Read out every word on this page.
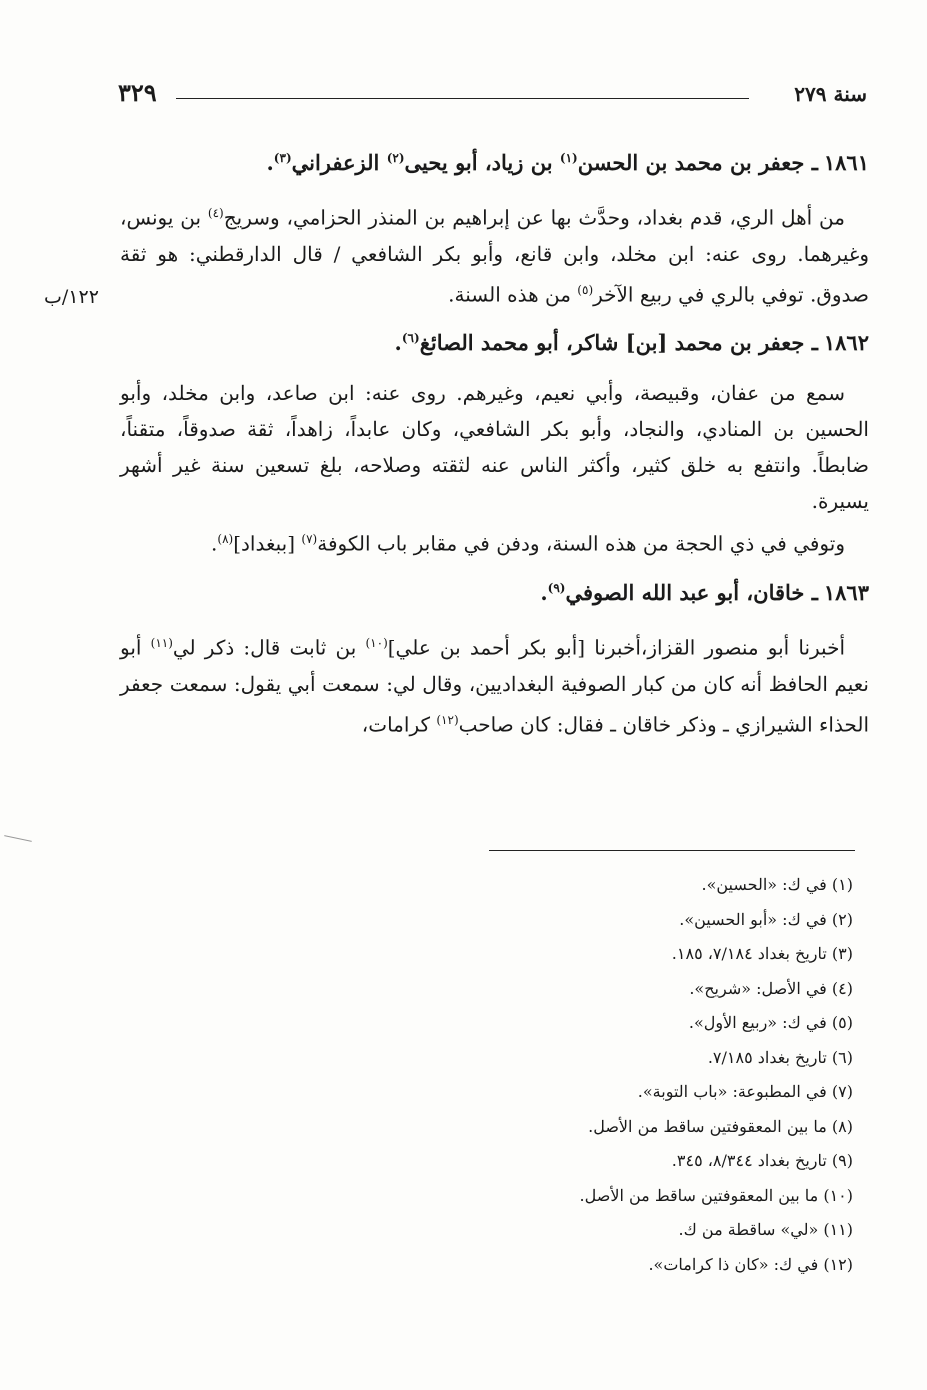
٣٢٩	سنة ٢٧٩
١٢٢/ب

١٨٦١ـ جعفر بن محمد بن الحسن$^{(١)}$ بن زياد، أبو يحيى$^{(٢)}$ الزعفراني$^{(٣)}$.

من أهل الري، قدم بغداد، وحدَّث بها عن إبراهيم بن المنذر الحزامي، وسريج$^{(٤)}$ بن يونس، وغيرهما. روى عنه: ابن مخلد، وابن قانع، وأبو بكر الشافعي / قال الدارقطني: هو ثقة صدوق. توفي بالري في ربيع الآخر$^{(٥)}$ من هذه السنة.

١٨٦٢ـ جعفر بن محمد [بن] شاكر، أبو محمد الصائغ$^{(٦)}$.

سمع من عفان، وقبيصة، وأبي نعيم، وغيرهم. روى عنه: ابن صاعد، وابن مخلد، وأبو الحسين بن المنادي، والنجاد، وأبو بكر الشافعي، وكان عابداً، زاهداً، ثقة صدوقاً، متقناً، ضابطاً. وانتفع به خلق كثير، وأكثر الناس عنه لثقته وصلاحه، بلغ تسعين سنة غير أشهر يسيرة.

وتوفي في ذي الحجة من هذه السنة، ودفن في مقابر باب الكوفة$^{(٧)}$ [ببغداد]$^{(٨)}$.

١٨٦٣ـ خاقان، أبو عبد الله الصوفي$^{(٩)}$.

أخبرنا أبو منصور القزاز،أخبرنا [أبو بكر أحمد بن علي]$^{(١٠)}$ بن ثابت قال: ذكر لي$^{(١١)}$ أبو نعيم الحافظ أنه كان من كبار الصوفية البغداديين، وقال لي: سمعت أبي يقول: سمعت جعفر الحذاء الشيرازي ـ وذكر خاقان ـ فقال: كان صاحب$^{(١٢)}$ كرامات،

(١) في ك: «الحسين».
(٢) في ك: «أبو الحسين».
(٣) تاريخ بغداد ٧/١٨٤، ١٨٥.
(٤) في الأصل: «شريح».
(٥) في ك: «ربيع الأول».
(٦) تاريخ بغداد ٧/١٨٥.
(٧) في المطبوعة: «باب التوبة».
(٨) ما بين المعقوفتين ساقط من الأصل.
(٩) تاريخ بغداد ٨/٣٤٤، ٣٤٥.
(١٠) ما بين المعقوفتين ساقط من الأصل.
(١١) «لي» ساقطة من ك.
(١٢) في ك: «كان ذا كرامات».
